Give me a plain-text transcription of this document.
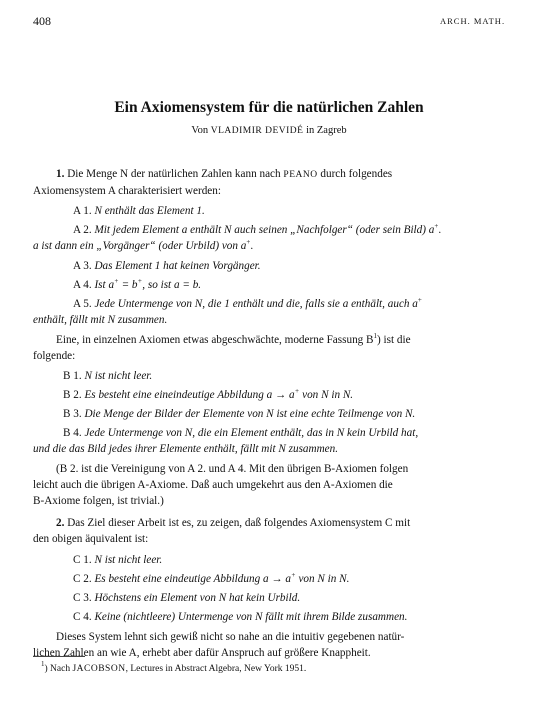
408	ARCH. MATH.
Ein Axiomensystem für die natürlichen Zahlen
Von VLADIMIR DEVIDÉ in Zagreb
1. Die Menge N der natürlichen Zahlen kann nach PEANO durch folgendes
Axiomensystem A charakterisiert werden:
A 1. N enthält das Element 1.
A 2. Mit jedem Element a enthält N auch seinen „Nachfolger“ (oder sein Bild) a+.
a ist dann ein „Vorgänger“ (oder Urbild) von a+.
A 3. Das Element 1 hat keinen Vorgänger.
A 4. Ist a+ = b+, so ist a = b.
A 5. Jede Untermenge von N, die 1 enthält und die, falls sie a enthält, auch a+
enthält, fällt mit N zusammen.
Eine, in einzelnen Axiomen etwas abgeschwächte, moderne Fassung $B^1$) ist die
folgende:
B 1. N ist nicht leer.
B 2. Es besteht eine eineindeutige Abbildung a → a+ von N in N.
B 3. Die Menge der Bilder der Elemente von N ist eine echte Teilmenge von N.
B 4. Jede Untermenge von N, die ein Element enthält, das in N kein Urbild hat,
und die das Bild jedes ihrer Elemente enthält, fällt mit N zusammen.
(B 2. ist die Vereinigung von A 2. und A 4. Mit den übrigen B-Axiomen folgen
leicht auch die übrigen A-Axiome. Daß auch umgekehrt aus den A-Axiomen die
B-Axiome folgen, ist trivial.)
2. Das Ziel dieser Arbeit ist es, zu zeigen, daß folgendes Axiomensystem C mit
den obigen äquivalent ist:
C 1. N ist nicht leer.
C 2. Es besteht eine eindeutige Abbildung a → a+ von N in N.
C 3. Höchstens ein Element von N hat kein Urbild.
C 4. Keine (nichtleere) Untermenge von N fällt mit ihrem Bilde zusammen.
Dieses System lehnt sich gewiß nicht so nahe an die intuitiv gegebenen natür-
lichen Zahlen an wie A, erhebt aber dafür Anspruch auf größere Knappheit.
$^1$) Nach JACOBSON, Lectures in Abstract Algebra, New York 1951.
